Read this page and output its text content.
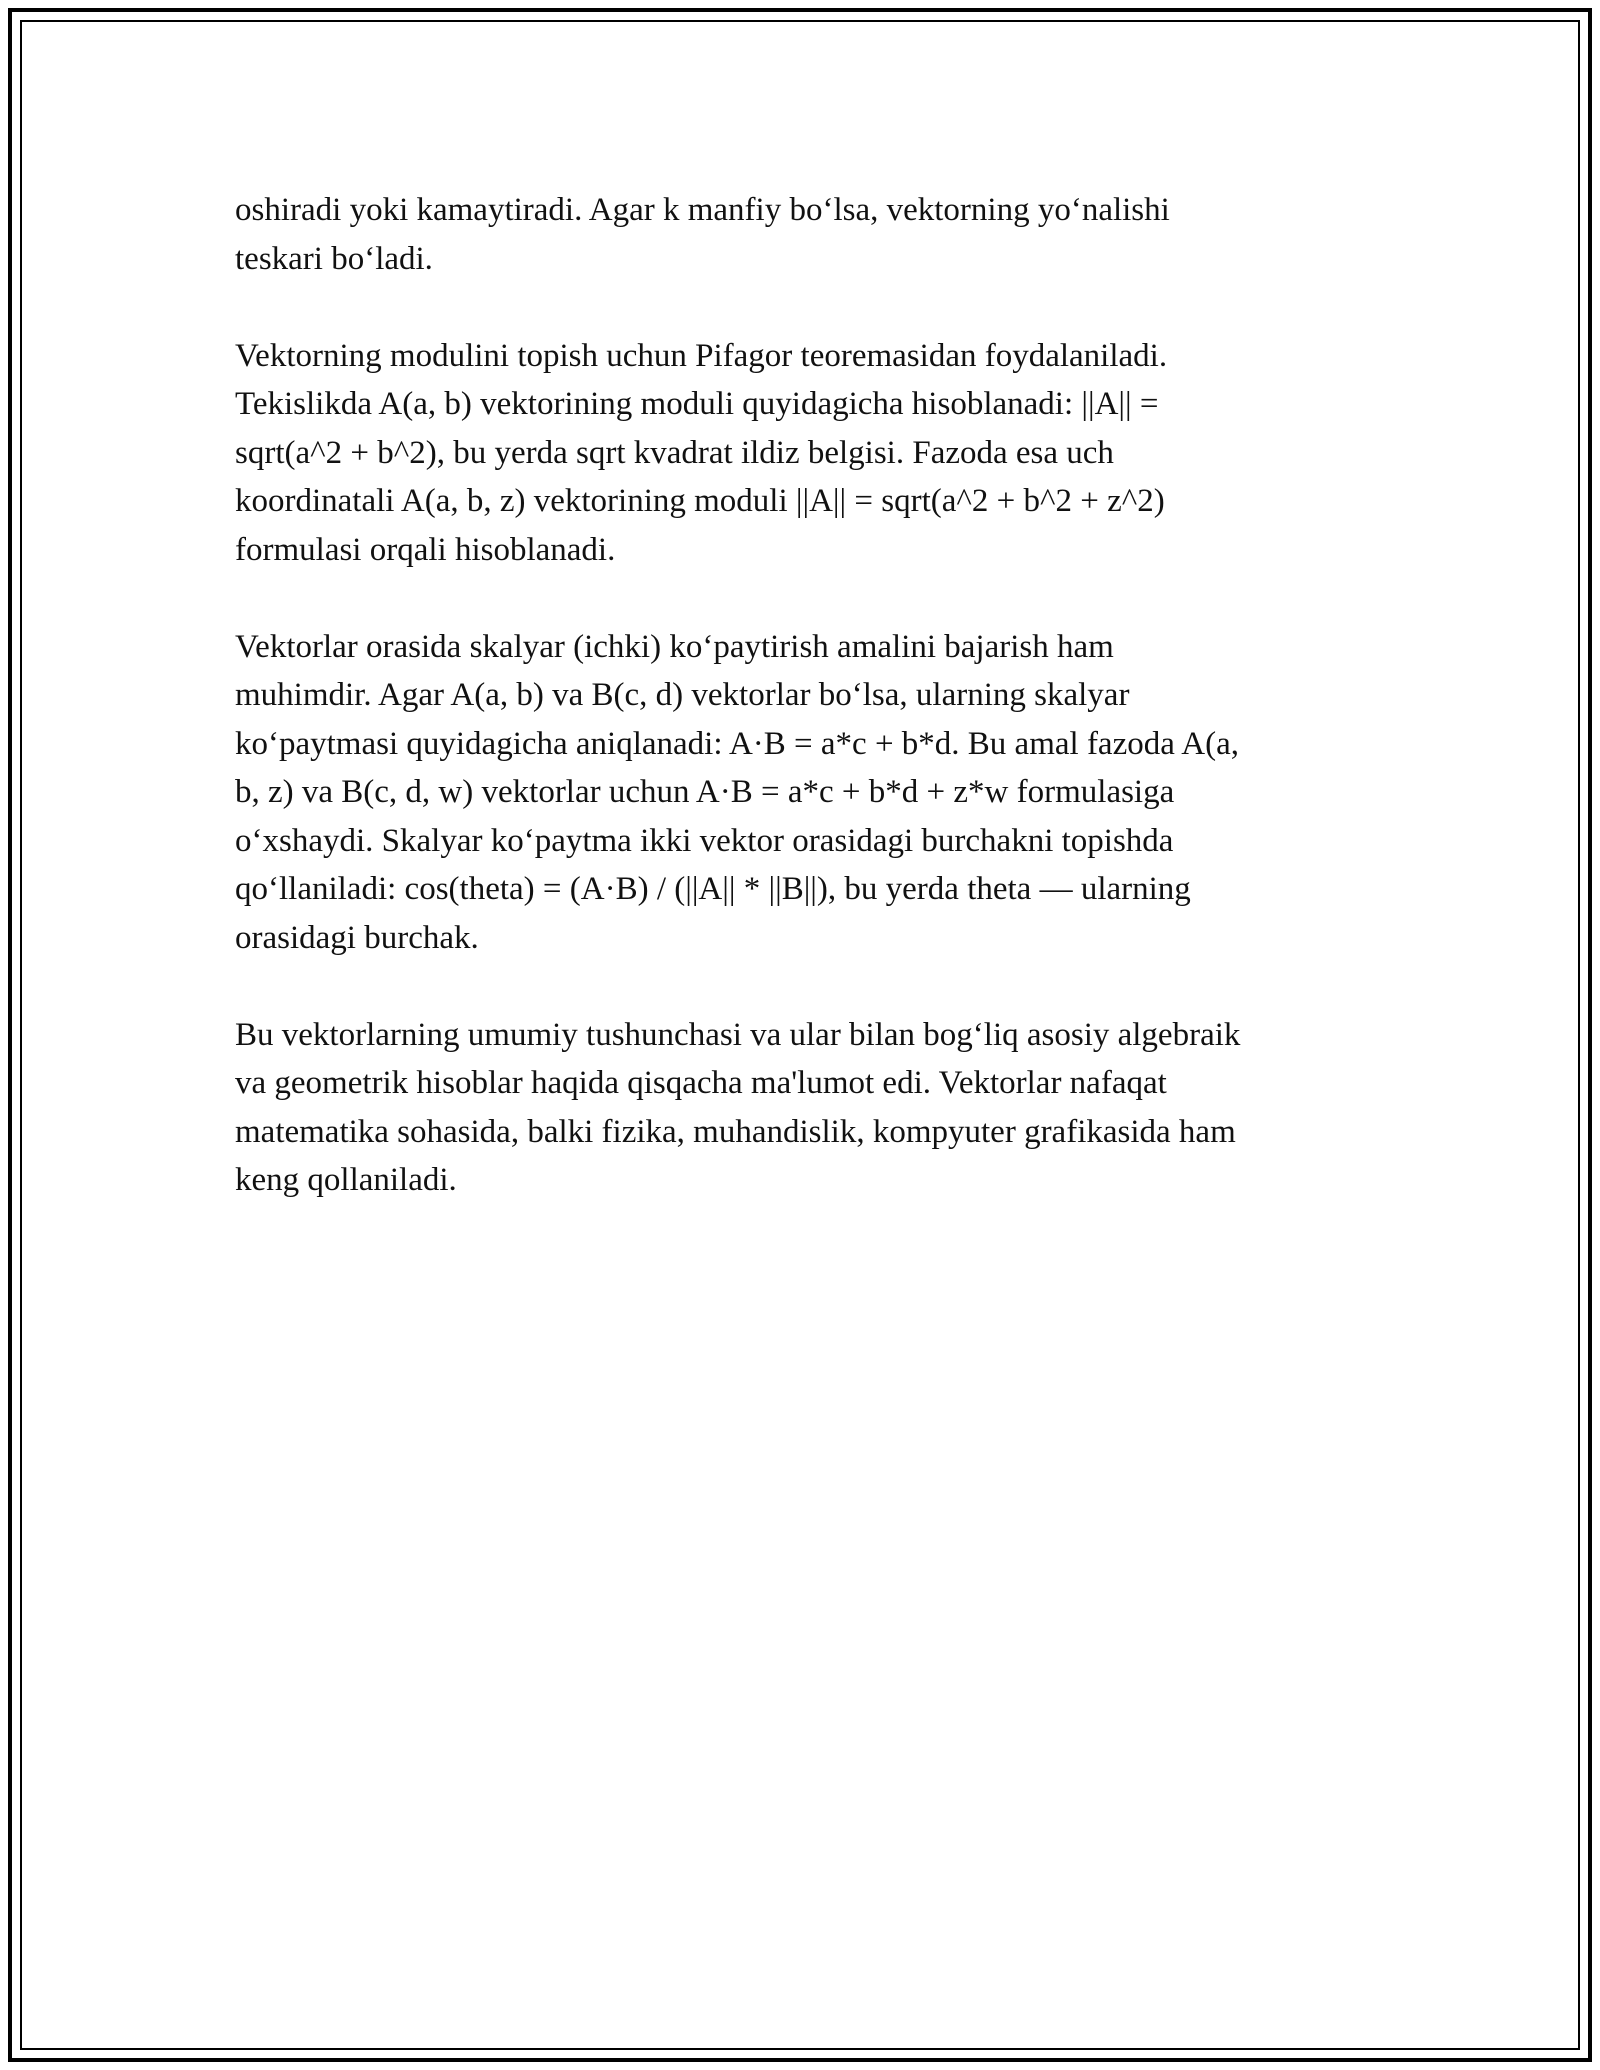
oshiradi yoki kamaytiradi. Agar k manfiy bo‘lsa, vektorning yo‘nalishi
teskari bo‘ladi.

Vektorning modulini topish uchun Pifagor teoremasidan foydalaniladi.
Tekislikda A(a, b) vektorining moduli quyidagicha hisoblanadi: ||A|| =
sqrt(a^2 + b^2), bu yerda sqrt kvadrat ildiz belgisi. Fazoda esa uch
koordinatali A(a, b, z) vektorining moduli ||A|| = sqrt(a^2 + b^2 + z^2)
formulasi orqali hisoblanadi.

Vektorlar orasida skalyar (ichki) ko‘paytirish amalini bajarish ham
muhimdir. Agar A(a, b) va B(c, d) vektorlar bo‘lsa, ularning skalyar
ko‘paytmasi quyidagicha aniqlanadi: A·B = a*c + b*d. Bu amal fazoda A(a,
b, z) va B(c, d, w) vektorlar uchun A·B = a*c + b*d + z*w formulasiga
o‘xshaydi. Skalyar ko‘paytma ikki vektor orasidagi burchakni topishda
qo‘llaniladi: cos(theta) = (A·B) / (||A|| * ||B||), bu yerda theta — ularning
orasidagi burchak.

Bu vektorlarning umumiy tushunchasi va ular bilan bog‘liq asosiy algebraik
va geometrik hisoblar haqida qisqacha ma'lumot edi. Vektorlar nafaqat
matematika sohasida, balki fizika, muhandislik, kompyuter grafikasida ham
keng qollaniladi.
